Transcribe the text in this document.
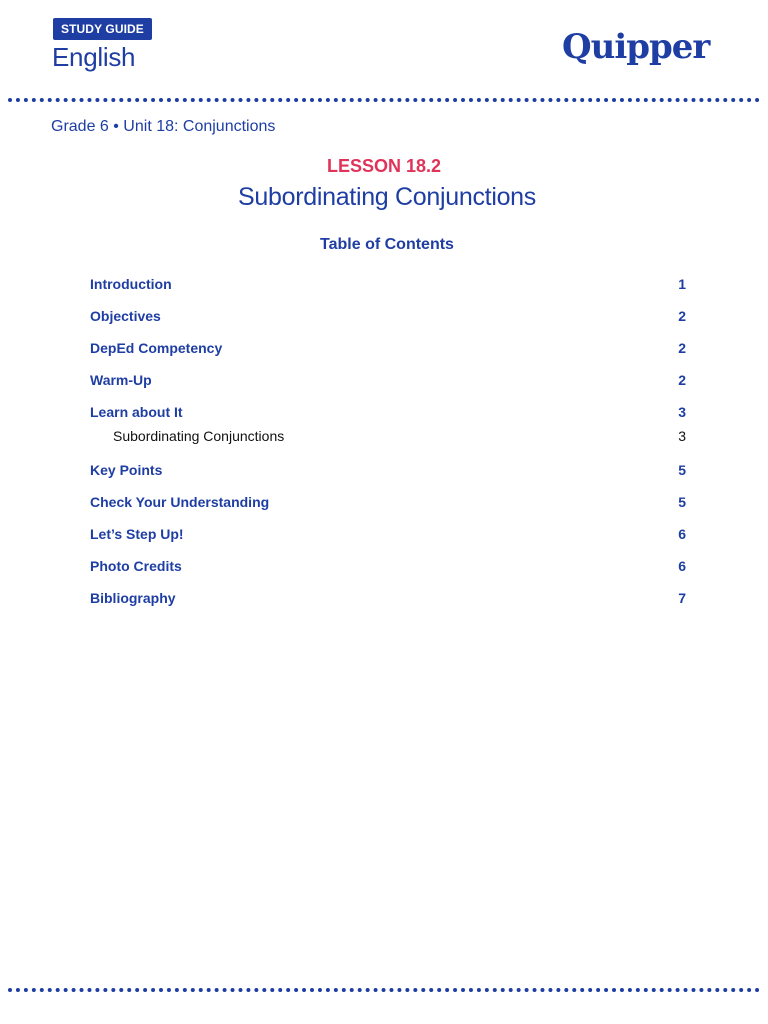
STUDY GUIDE
English	Quipper
Grade 6 • Unit 18: Conjunctions
LESSON 18.2
Subordinating Conjunctions
Table of Contents
Introduction	1
Objectives	2
DepEd Competency	2
Warm-Up	2
Learn about It	3
Subordinating Conjunctions	3
Key Points	5
Check Your Understanding	5
Let’s Step Up!	6
Photo Credits	6
Bibliography	7
